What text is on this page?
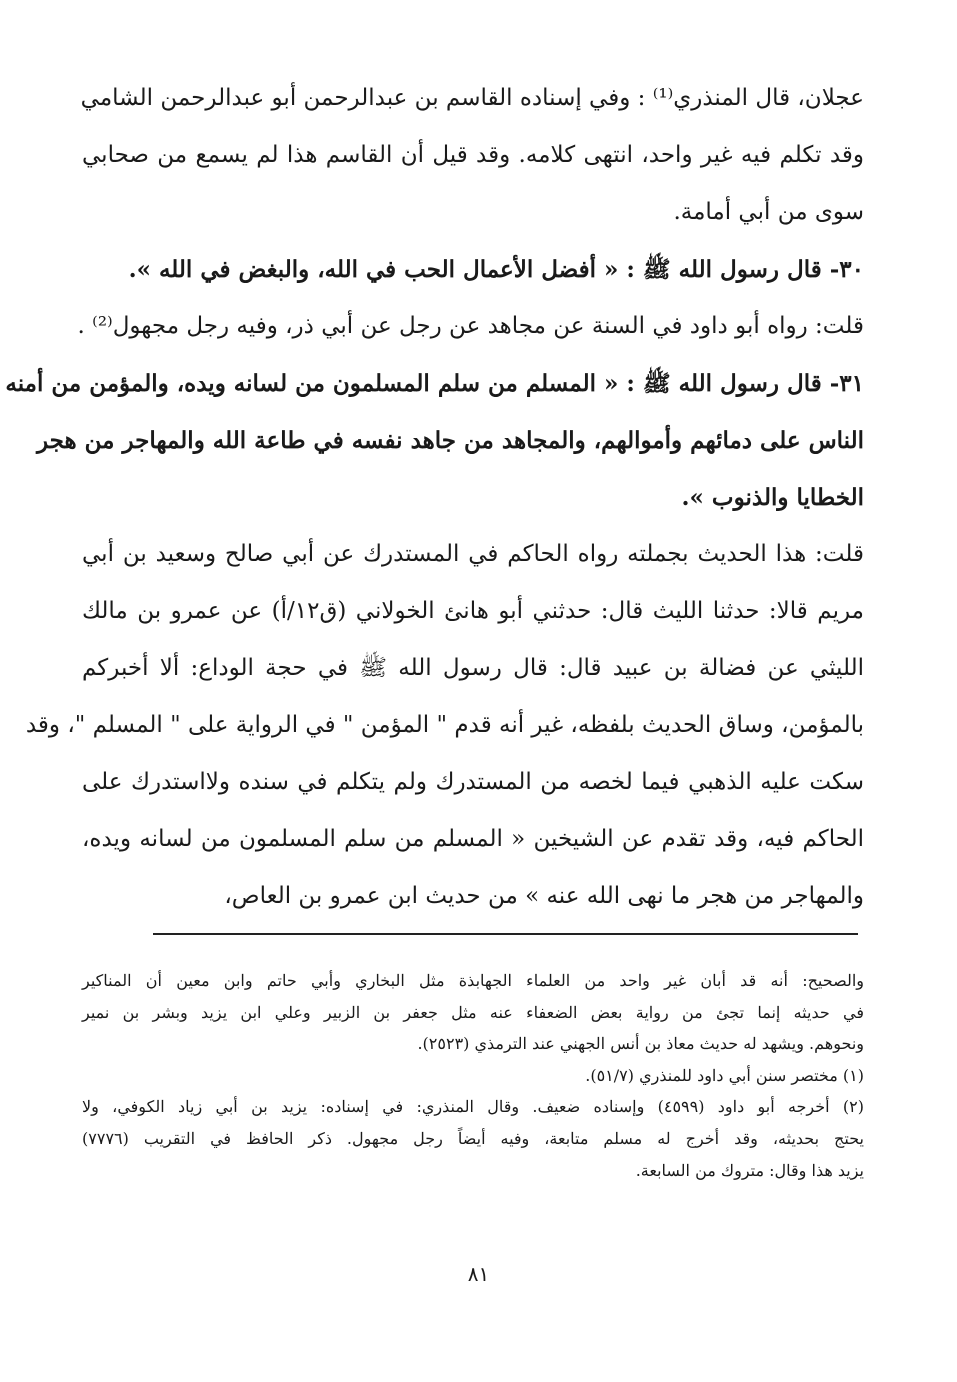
عجلان، قال المنذري⁽¹⁾ : وفي إسناده القاسم بن عبدالرحمن أبو عبدالرحمن الشامي
وقد تكلم فيه غير واحد، انتهى كلامه. وقد قيل أن القاسم هذا لم يسمع من صحابي
سوى من أبي أمامة.
٣٠- قال رسول الله ﷺ : « أفضل الأعمال الحب في الله، والبغض في الله ».
قلت: رواه أبو داود في السنة عن مجاهد عن رجل عن أبي ذر، وفيه رجل مجهول⁽²⁾ .
٣١- قال رسول الله ﷺ : « المسلم من سلم المسلمون من لسانه ويده، والمؤمن من أمنه
الناس على دمائهم وأموالهم، والمجاهد من جاهد نفسه في طاعة الله والمهاجر من هجر
الخطايا والذنوب ».
قلت: هذا الحديث بجملته رواه الحاكم في المستدرك عن أبي صالح وسعيد بن أبي
مريم قالا: حدثنا الليث قال: حدثني أبو هانئ الخولاني (ق١٢/أ) عن عمرو بن مالك
الليثي عن فضالة بن عبيد قال: قال رسول الله ﷺ في حجة الوداع: ألا أخبركم
بالمؤمن، وساق الحديث بلفظه، غير أنه قدم " المؤمن " في الرواية على " المسلم "، وقد
سكت عليه الذهبي فيما لخصه من المستدرك ولم يتكلم في سنده ولااستدرك على
الحاكم فيه، وقد تقدم عن الشيخين « المسلم من سلم المسلمون من لسانه ويده،
والمهاجر من هجر ما نهى الله عنه » من حديث ابن عمرو بن العاص،
والصحيح: أنه قد أبان غير واحد من العلماء الجهابذة مثل البخاري وأبي حاتم وابن معين أن المناكير
في حديثه إنما تجئ من رواية بعض الضعفاء عنه مثل جعفر بن الزبير وعلي ابن يزيد وبشر بن نمير
ونحوهم. ويشهد له حديث معاذ بن أنس الجهني عند الترمذي (٢٥٢٣).
(١) مختصر سنن أبي داود للمنذري (٥١/٧).
(٢) أخرجه أبو داود (٤٥٩٩) وإسناده ضعيف. وقال المنذري: في إسناده: يزيد بن أبي زياد الكوفي، ولا
يحتج بحديثه، وقد أخرج له مسلم متابعة، وفيه أيضاً رجل مجهول. ذكر الحافظ في التقريب (٧٧٧٦)
يزيد هذا وقال: متروك من السابعة.
٨١
